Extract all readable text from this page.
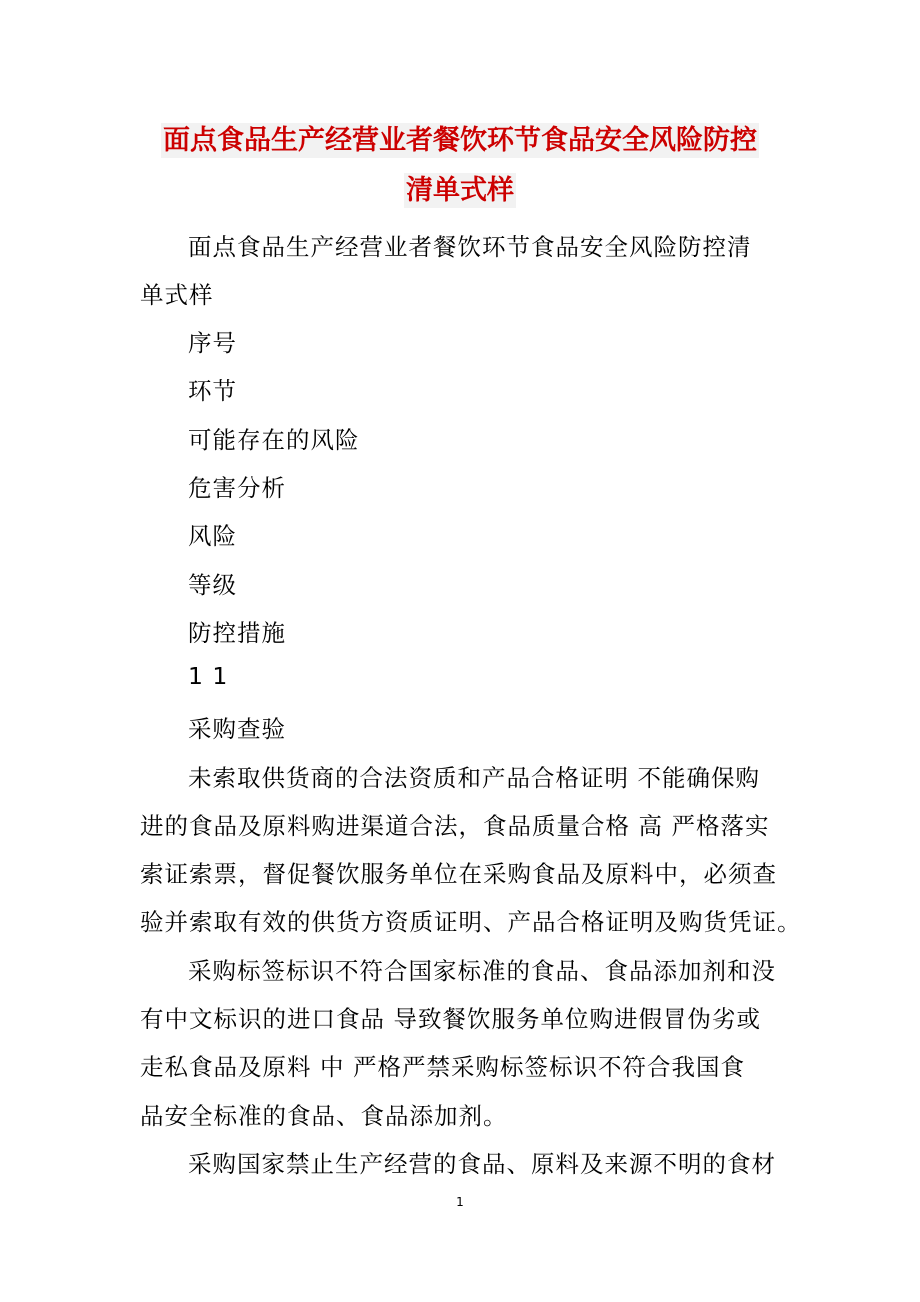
面点食品生产经营业者餐饮环节食品安全风险防控
清单式样
面点食品生产经营业者餐饮环节食品安全风险防控清
单式样
序号
环节
可能存在的风险
危害分析
风险
等级
防控措施
1 1
采购查验
未索取供货商的合法资质和产品合格证明 不能确保购
进的食品及原料购进渠道合法，食品质量合格 高 严格落实
索证索票，督促餐饮服务单位在采购食品及原料中，必须查
验并索取有效的供货方资质证明、产品合格证明及购货凭证。
采购标签标识不符合国家标准的食品、食品添加剂和没
有中文标识的进口食品 导致餐饮服务单位购进假冒伪劣或
走私食品及原料 中 严格严禁采购标签标识不符合我国食
品安全标准的食品、食品添加剂。
采购国家禁止生产经营的食品、原料及来源不明的食材
1
